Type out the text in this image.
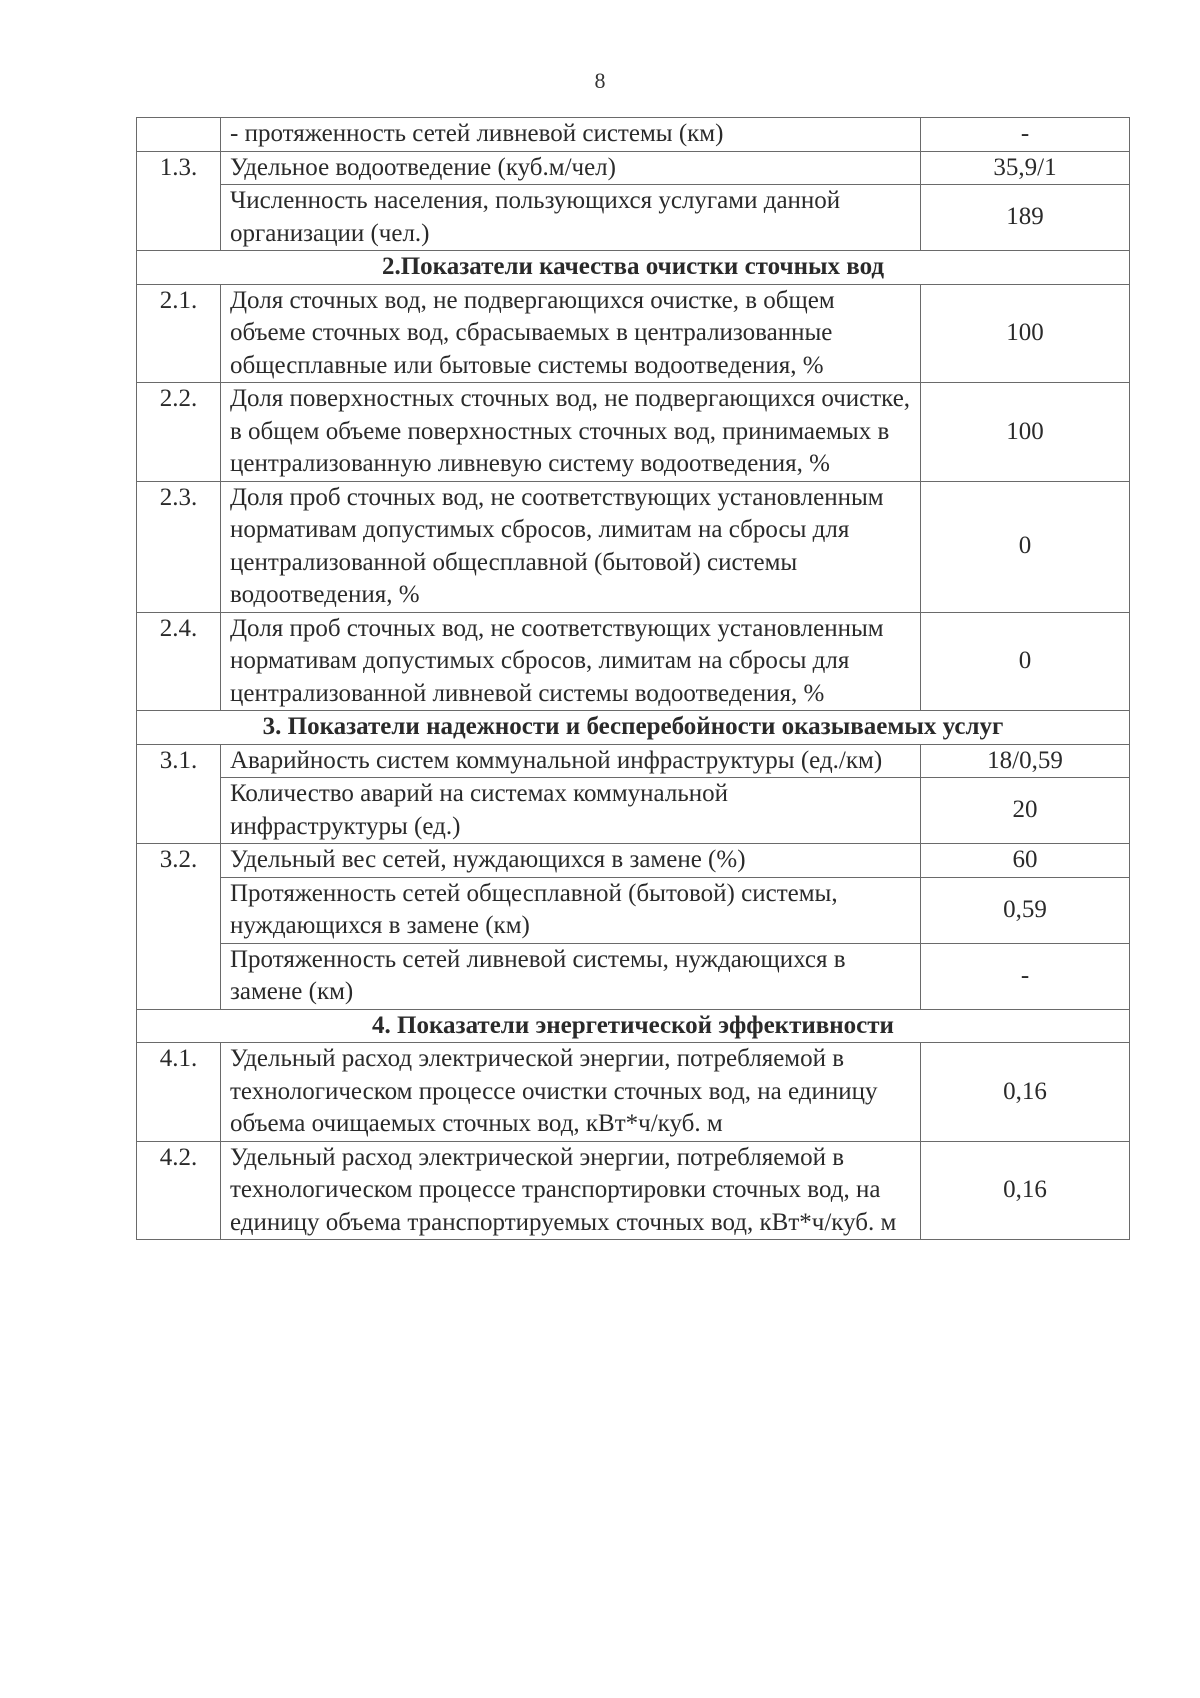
8
	- протяженность сетей ливневой системы (км)	-
1.3.	Удельное водоотведение (куб.м/чел)	35,9/1
	Численность населения, пользующихся услугами данной организации (чел.)	189
2.Показатели качества очистки сточных вод		
2.1.	Доля сточных вод, не подвергающихся очистке, в общем объеме сточных вод, сбрасываемых в централизованные общесплавные или бытовые системы водоотведения, %	100
2.2.	Доля поверхностных сточных вод, не подвергающихся очистке, в общем объеме поверхностных сточных вод, принимаемых в централизованную ливневую систему водоотведения, %	100
2.3.	Доля проб сточных вод, не соответствующих установленным нормативам допустимых сбросов, лимитам на сбросы для централизованной общесплавной (бытовой) системы водоотведения, %	0
2.4.	Доля проб сточных вод, не соответствующих установленным нормативам допустимых сбросов, лимитам на сбросы для централизованной ливневой системы водоотведения, %	0
3. Показатели надежности и бесперебойности оказываемых услуг		
3.1.	Аварийность систем коммунальной инфраструктуры (ед./км)	18/0,59
	Количество аварий на системах коммунальной инфраструктуры (ед.)	20
3.2.	Удельный вес сетей, нуждающихся в замене (%)	60
	Протяженность сетей общесплавной (бытовой) системы, нуждающихся в замене (км)	0,59
	Протяженность сетей ливневой системы, нуждающихся в замене (км)	-
4. Показатели энергетической эффективности		
4.1.	Удельный расход электрической энергии, потребляемой в технологическом процессе очистки сточных вод, на единицу объема очищаемых сточных вод, кВт*ч/куб. м	0,16
4.2.	Удельный расход электрической энергии, потребляемой в технологическом процессе транспортировки сточных вод, на единицу объема транспортируемых сточных вод, кВт*ч/куб. м	0,16
